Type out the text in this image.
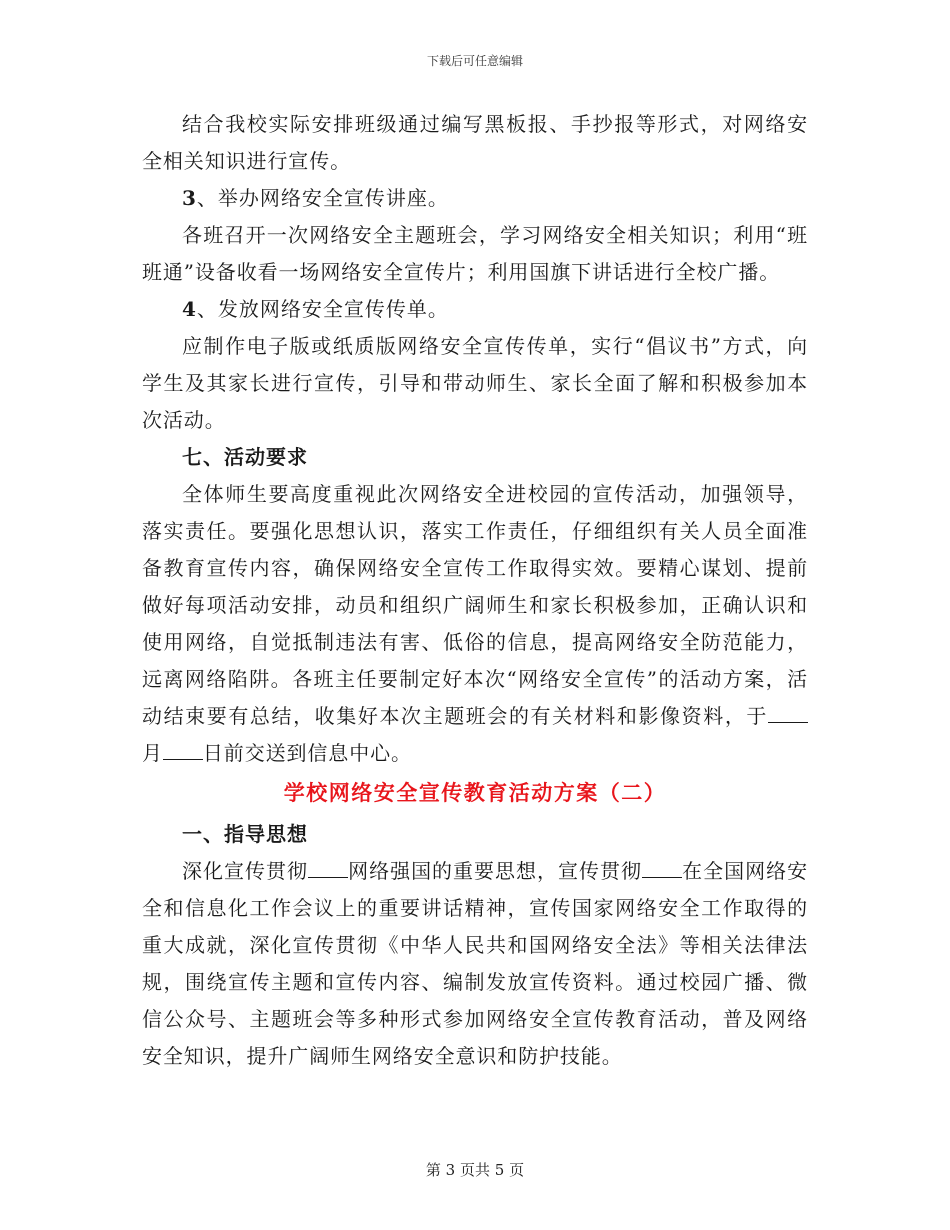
下载后可任意编辑

结合我校实际安排班级通过编写黑板报、手抄报等形式，对网络安全相关知识进行宣传。

3、举办网络安全宣传讲座。

各班召开一次网络安全主题班会，学习网络安全相关知识；利用“班班通”设备收看一场网络安全宣传片；利用国旗下讲话进行全校广播。

4、发放网络安全宣传传单。

应制作电子版或纸质版网络安全宣传传单，实行“倡议书”方式，向学生及其家长进行宣传，引导和带动师生、家长全面了解和积极参加本次活动。

七、活动要求

全体师生要高度重视此次网络安全进校园的宣传活动，加强领导，落实责任。要强化思想认识，落实工作责任，仔细组织有关人员全面准备教育宣传内容，确保网络安全宣传工作取得实效。要精心谋划、提前做好每项活动安排，动员和组织广阔师生和家长积极参加，正确认识和使用网络，自觉抵制违法有害、低俗的信息，提高网络安全防范能力，远离网络陷阱。各班主任要制定好本次“网络安全宣传”的活动方案，活动结束要有总结，收集好本次主题班会的有关材料和影像资料，于月 日前交送到信息中心。

学校网络安全宣传教育活动方案（二）

一、指导思想

深化宣传贯彻 网络强国的重要思想，宣传贯彻 在全国网络安全和信息化工作会议上的重要讲话精神，宣传国家网络安全工作取得的重大成就，深化宣传贯彻《中华人民共和国网络安全法》等相关法律法规，围绕宣传主题和宣传内容、编制发放宣传资料。通过校园广播、微信公众号、主题班会等多种形式参加网络安全宣传教育活动，普及网络安全知识，提升广阔师生网络安全意识和防护技能。

第 3 页共 5 页
